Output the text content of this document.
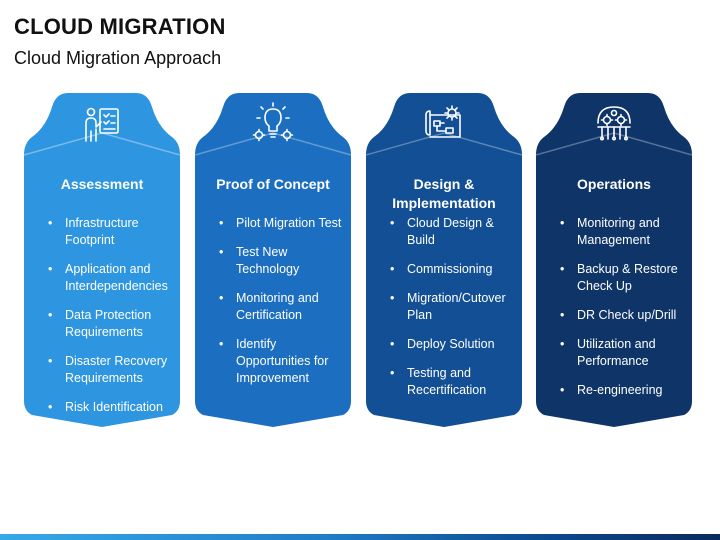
CLOUD MIGRATION
Cloud Migration Approach
Assessment
• Infrastructure Footprint
• Application and Interdependencies
• Data Protection Requirements
• Disaster Recovery Requirements
• Risk Identification
Proof of Concept
• Pilot Migration Test
• Test New Technology
• Monitoring and Certification
• Identify Opportunities for Improvement
Design & Implementation
• Cloud Design & Build
• Commissioning
• Migration/Cutover Plan
• Deploy Solution
• Testing and Recertification
Operations
• Monitoring and Management
• Backup & Restore Check Up
• DR Check up/Drill
• Utilization and Performance
• Re-engineering
